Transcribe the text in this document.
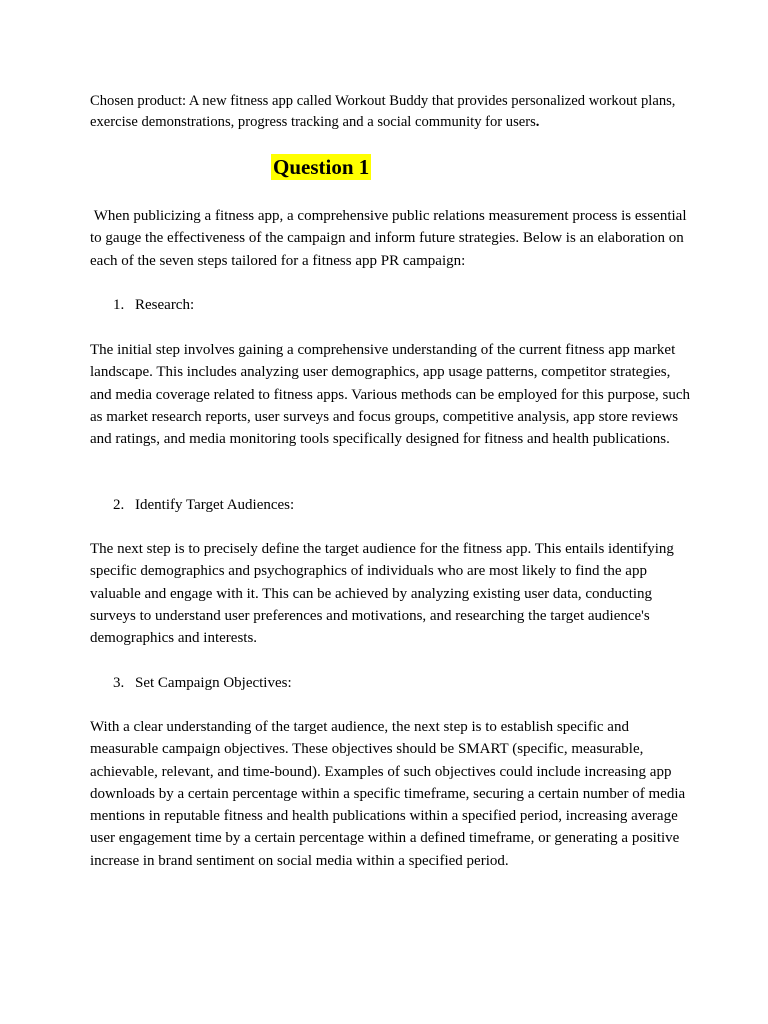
Chosen product: A new fitness app called Workout Buddy that provides personalized workout plans, exercise demonstrations, progress tracking and a social community for users.

Question 1

When publicizing a fitness app, a comprehensive public relations measurement process is essential to gauge the effectiveness of the campaign and inform future strategies. Below is an elaboration on each of the seven steps tailored for a fitness app PR campaign:

1. Research:

The initial step involves gaining a comprehensive understanding of the current fitness app market landscape. This includes analyzing user demographics, app usage patterns, competitor strategies, and media coverage related to fitness apps. Various methods can be employed for this purpose, such as market research reports, user surveys and focus groups, competitive analysis, app store reviews and ratings, and media monitoring tools specifically designed for fitness and health publications.

2. Identify Target Audiences:

The next step is to precisely define the target audience for the fitness app. This entails identifying specific demographics and psychographics of individuals who are most likely to find the app valuable and engage with it. This can be achieved by analyzing existing user data, conducting surveys to understand user preferences and motivations, and researching the target audience's demographics and interests.

3. Set Campaign Objectives:

With a clear understanding of the target audience, the next step is to establish specific and measurable campaign objectives. These objectives should be SMART (specific, measurable, achievable, relevant, and time-bound). Examples of such objectives could include increasing app downloads by a certain percentage within a specific timeframe, securing a certain number of media mentions in reputable fitness and health publications within a specified period, increasing average user engagement time by a certain percentage within a defined timeframe, or generating a positive increase in brand sentiment on social media within a specified period.
